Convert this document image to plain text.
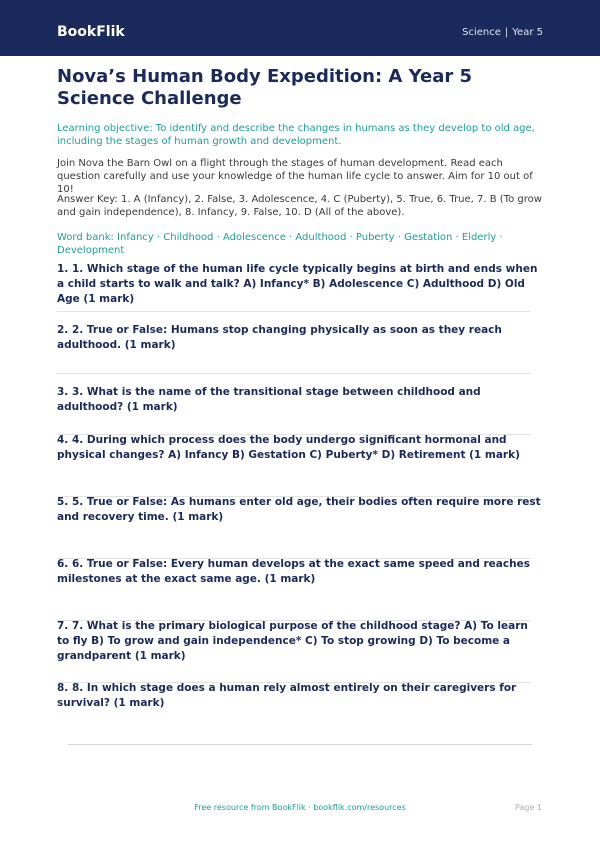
BookFlik	Science | Year 5
Nova’s Human Body Expedition: A Year 5 Science Challenge

Learning objective: To identify and describe the changes in humans as they develop to old age, including the stages of human growth and development.

Join Nova the Barn Owl on a flight through the stages of human development. Read each question carefully and use your knowledge of the human life cycle to answer. Aim for 10 out of 10!

Answer Key: 1. A (Infancy), 2. False, 3. Adolescence, 4. C (Puberty), 5. True, 6. True, 7. B (To grow and gain independence), 8. Infancy, 9. False, 10. D (All of the above).

Word bank: Infancy · Childhood · Adolescence · Adulthood · Puberty · Gestation · Elderly · Development

1. 1. Which stage of the human life cycle typically begins at birth and ends when a child starts to walk and talk? A) Infancy* B) Adolescence C) Adulthood D) Old Age (1 mark)

2. 2. True or False: Humans stop changing physically as soon as they reach adulthood. (1 mark)

3. 3. What is the name of the transitional stage between childhood and adulthood? (1 mark)

4. 4. During which process does the body undergo significant hormonal and physical changes? A) Infancy B) Gestation C) Puberty* D) Retirement (1 mark)

5. 5. True or False: As humans enter old age, their bodies often require more rest and recovery time. (1 mark)

6. 6. True or False: Every human develops at the exact same speed and reaches milestones at the exact same age. (1 mark)

7. 7. What is the primary biological purpose of the childhood stage? A) To learn to fly B) To grow and gain independence* C) To stop growing D) To become a grandparent (1 mark)

8. 8. In which stage does a human rely almost entirely on their caregivers for survival? (1 mark)

Free resource from BookFlik · bookflik.com/resources	Page 1
